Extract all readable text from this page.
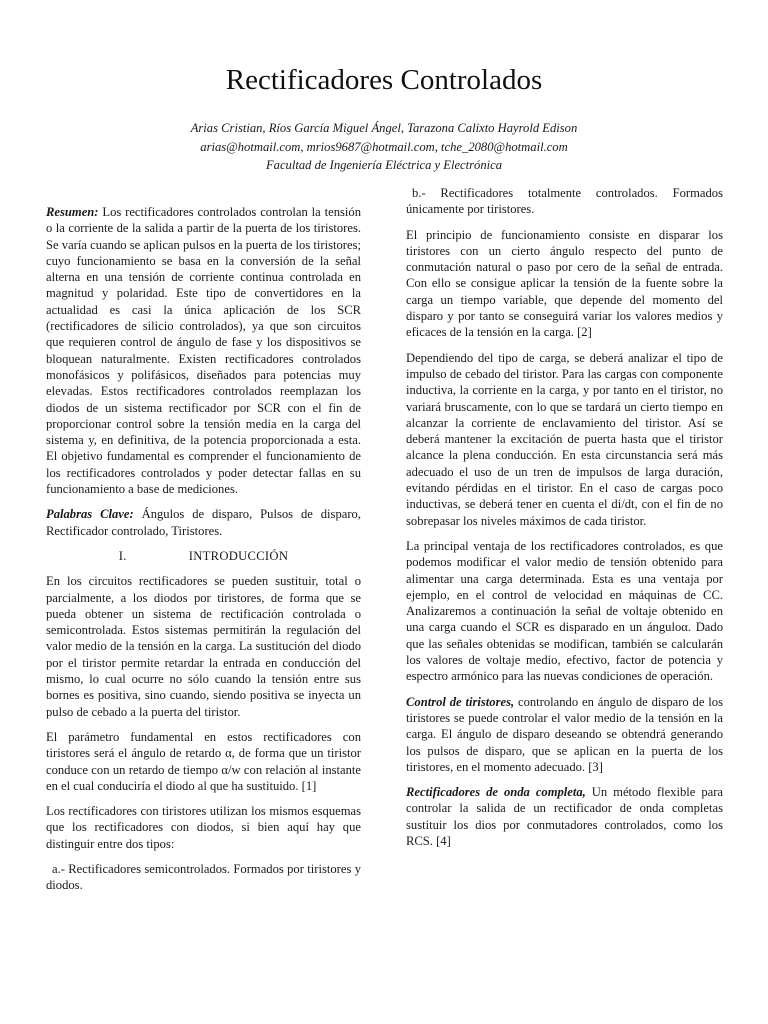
Rectificadores Controlados
Arias Cristian, Ríos García Miguel Ángel, Tarazona Calixto Hayrold Edison
arias@hotmail.com, mrios9687@hotmail.com, tche_2080@hotmail.com
Facultad de Ingeniería Eléctrica y Electrónica

Resumen: Los rectificadores controlados controlan la tensión o la corriente de la salida a partir de la puerta de los tiristores. Se varía cuando se aplican pulsos en la puerta de los tiristores; cuyo funcionamiento se basa en la conversión de la señal alterna en una tensión de corriente continua controlada en magnitud y polaridad. Este tipo de convertidores en la actualidad es casi la única aplicación de los SCR (rectificadores de silicio controlados), ya que son circuitos que requieren control de ángulo de fase y los dispositivos se bloquean naturalmente. Existen rectificadores controlados monofásicos y polifásicos, diseñados para potencias muy elevadas. Estos rectificadores controlados reemplazan los diodos de un sistema rectificador por SCR con el fin de proporcionar control sobre la tensión media en la carga del sistema y, en definitiva, de la potencia proporcionada a esta. El objetivo fundamental es comprender el funcionamiento de los rectificadores controlados y poder detectar fallas en su funcionamiento a base de mediciones.

Palabras Clave: Ángulos de disparo, Pulsos de disparo, Rectificador controlado, Tiristores.

I.	INTRODUCCIÓN

En los circuitos rectificadores se pueden sustituir, total o parcialmente, a los diodos por tiristores, de forma que se pueda obtener un sistema de rectificación controlada o semicontrolada. Estos sistemas permitirán la regulación del valor medio de la tensión en la carga. La sustitución del diodo por el tiristor permite retardar la entrada en conducción del mismo, lo cual ocurre no sólo cuando la tensión entre sus bornes es positiva, sino cuando, siendo positiva se inyecta un pulso de cebado a la puerta del tiristor.

El parámetro fundamental en estos rectificadores con tiristores será el ángulo de retardo α, de forma que un tiristor conduce con un retardo de tiempo α/w con relación al instante en el cual conduciría el diodo al que ha sustituido. [1]

Los rectificadores con tiristores utilizan los mismos esquemas que los rectificadores con diodos, si bien aquí hay que distinguir entre dos tipos:

a.- Rectificadores semicontrolados. Formados por tiristores y diodos.

b.- Rectificadores totalmente controlados. Formados únicamente por tiristores.

El principio de funcionamiento consiste en disparar los tiristores con un cierto ángulo respecto del punto de conmutación natural o paso por cero de la señal de entrada. Con ello se consigue aplicar la tensión de la fuente sobre la carga un tiempo variable, que depende del momento del disparo y por tanto se conseguirá variar los valores medios y eficaces de la tensión en la carga. [2]

Dependiendo del tipo de carga, se deberá analizar el tipo de impulso de cebado del tiristor. Para las cargas con componente inductiva, la corriente en la carga, y por tanto en el tiristor, no variará bruscamente, con lo que se tardará un cierto tiempo en alcanzar la corriente de enclavamiento del tiristor. Así se deberá mantener la excitación de puerta hasta que el tiristor alcance la plena conducción. En esta circunstancia será más adecuado el uso de un tren de impulsos de larga duración, evitando pérdidas en el tiristor. En el caso de cargas poco inductivas, se deberá tener en cuenta el di/dt, con el fin de no sobrepasar los niveles máximos de cada tiristor.

La principal ventaja de los rectificadores controlados, es que podemos modificar el valor medio de tensión obtenido para alimentar una carga determinada. Esta es una ventaja por ejemplo, en el control de velocidad en máquinas de CC. Analizaremos a continuación la señal de voltaje obtenido en una carga cuando el SCR es disparado en un ánguloα. Dado que las señales obtenidas se modifican, también se calcularán los valores de voltaje medio, efectivo, factor de potencia y espectro armónico para las nuevas condiciones de operación.

Control de tiristores, controlando en ángulo de disparo de los tiristores se puede controlar el valor medio de la tensión en la carga. El ángulo de disparo deseando se obtendrá generando los pulsos de disparo, que se aplican en la puerta de los tiristores, en el momento adecuado. [3]

Rectificadores de onda completa, Un método flexible para controlar la salida de un rectificador de onda completas sustituir los dios por conmutadores controlados, como los RCS. [4]
